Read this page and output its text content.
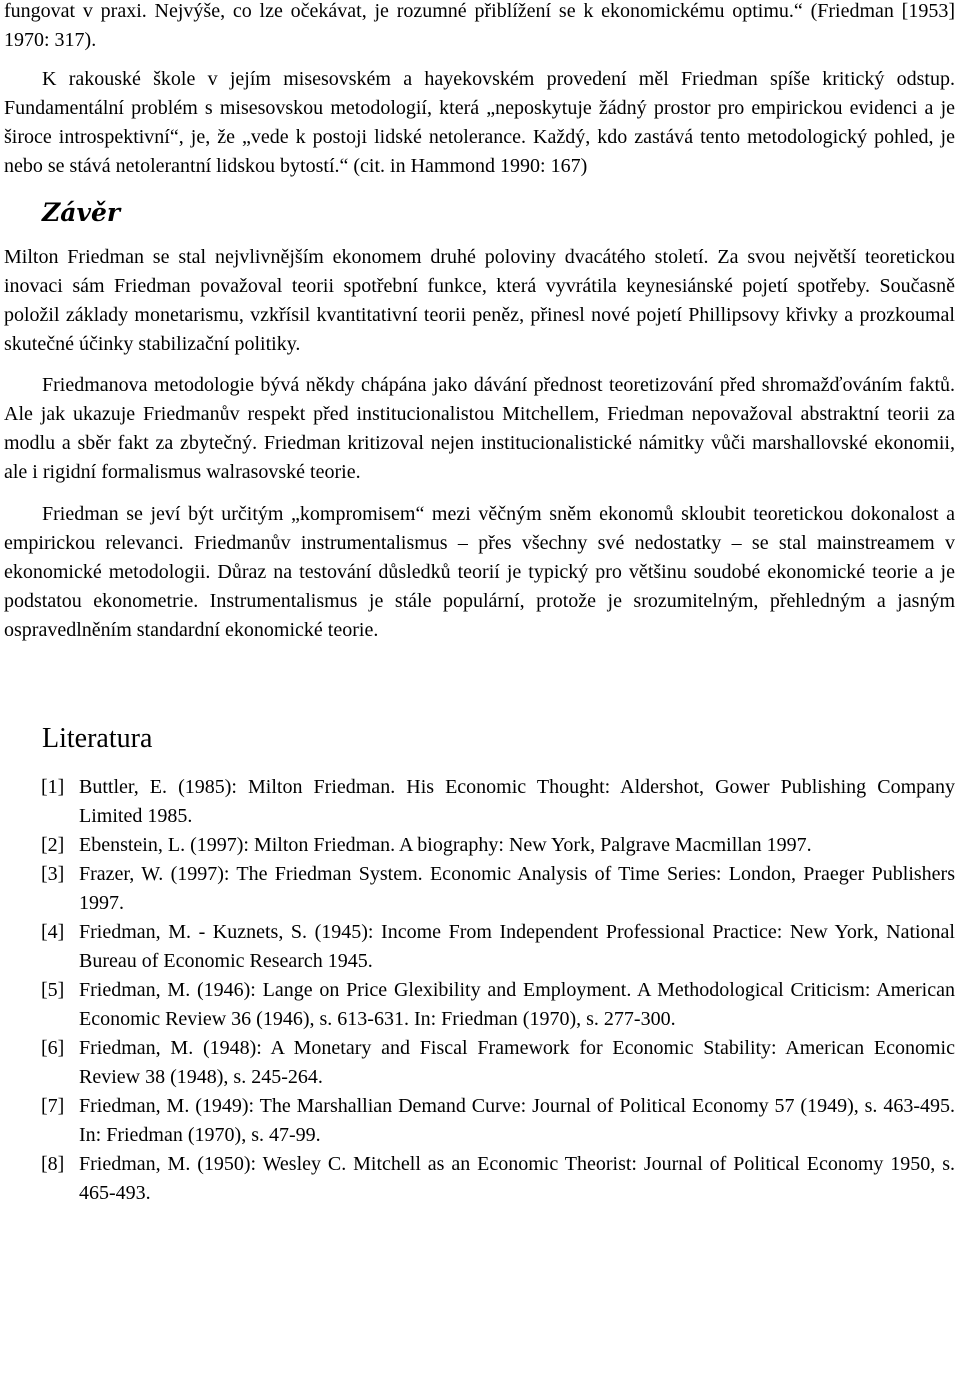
fungovat v praxi. Nejvýše, co lze očekávat, je rozumné přiblížení se k ekonomickému optimu.“ (Friedman [1953] 1970: 317).

K rakouské škole v jejím misesovském a hayekovském provedení měl Friedman spíše kritický odstup. Fundamentální problém s misesovskou metodologií, která „neposkytuje žádný prostor pro empirickou evidenci a je široce introspektivní“, je, že „vede k postoji lidské netolerance. Každý, kdo zastává tento metodologický pohled, je nebo se stává netolerantní lidskou bytostí.“ (cit. in Hammond 1990: 167)

Závěr

Milton Friedman se stal nejvlivnějším ekonomem druhé poloviny dvacátého století. Za svou největší teoretickou inovaci sám Friedman považoval teorii spotřební funkce, která vyvrátila keynesiánské pojetí spotřeby. Současně položil základy monetarismu, vzkřísil kvantitativní teorii peněz, přinesl nové pojetí Phillipsovy křivky a prozkoumal skutečné účinky stabilizační politiky.

Friedmanova metodologie bývá někdy chápána jako dávání přednost teoretizování před shromažďováním faktů. Ale jak ukazuje Friedmanův respekt před institucionalistou Mitchellem, Friedman nepovažoval abstraktní teorii za modlu a sběr fakt za zbytečný. Friedman kritizoval nejen institucionalistické námitky vůči marshallovské ekonomii, ale i rigidní formalismus walrasovské teorie.

Friedman se jeví být určitým „kompromisem“ mezi věčným sněm ekonomů skloubit teoretickou dokonalost a empirickou relevanci. Friedmanův instrumentalismus – přes všechny své nedostatky – se stal mainstreamem v ekonomické metodologii. Důraz na testování důsledků teorií je typický pro většinu soudobé ekonomické teorie a je podstatou ekonometrie. Instrumentalismus je stále populární, protože je srozumitelným, přehledným a jasným ospravedlněním standardní ekonomické teorie.

Literatura
[1] Buttler, E. (1985): Milton Friedman. His Economic Thought: Aldershot, Gower Publishing Company Limited 1985.
[2] Ebenstein, L. (1997): Milton Friedman. A biography: New York, Palgrave Macmillan 1997.
[3] Frazer, W. (1997): The Friedman System. Economic Analysis of Time Series: London, Praeger Publishers 1997.
[4] Friedman, M. - Kuznets, S. (1945): Income From Independent Professional Practice: New York, National Bureau of Economic Research 1945.
[5] Friedman, M. (1946): Lange on Price Glexibility and Employment. A Methodological Criticism: American Economic Review 36 (1946), s. 613-631. In: Friedman (1970), s. 277-300.
[6] Friedman, M. (1948): A Monetary and Fiscal Framework for Economic Stability: American Economic Review 38 (1948), s. 245-264.
[7] Friedman, M. (1949): The Marshallian Demand Curve: Journal of Political Economy 57 (1949), s. 463-495. In: Friedman (1970), s. 47-99.
[8] Friedman, M. (1950): Wesley C. Mitchell as an Economic Theorist: Journal of Political Economy 1950, s. 465-493.
